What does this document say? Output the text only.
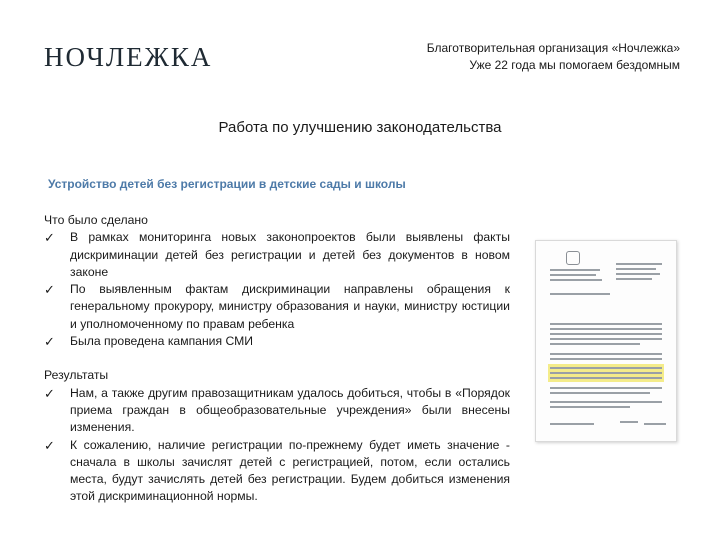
НОЧЛЕЖКА	Благотворительная организация «Ночлежка»
Уже 22 года мы помогаем бездомным
Работа по улучшению законодательства
Устройство детей без регистрации в детские сады и школы
Что было сделано
✓ В рамках мониторинга новых законопроектов были выявлены факты дискриминации детей без регистрации и детей без документов в новом законе
✓ По выявленным фактам дискриминации направлены обращения к генеральному прокурору, министру образования и науки, министру юстиции и уполномоченному по правам ребенка
✓ Была проведена кампания СМИ
Результаты
✓ Нам, а также другим правозащитникам удалось добиться, чтобы в «Порядок приема граждан в общеобразовательные учреждения» были внесены изменения.
✓ К сожалению, наличие регистрации по-прежнему будет иметь значение - сначала в школы зачислят детей с регистрацией, потом, если остались места, будут зачислять детей без регистрации. Будем добиться изменения этой дискриминационной нормы.
